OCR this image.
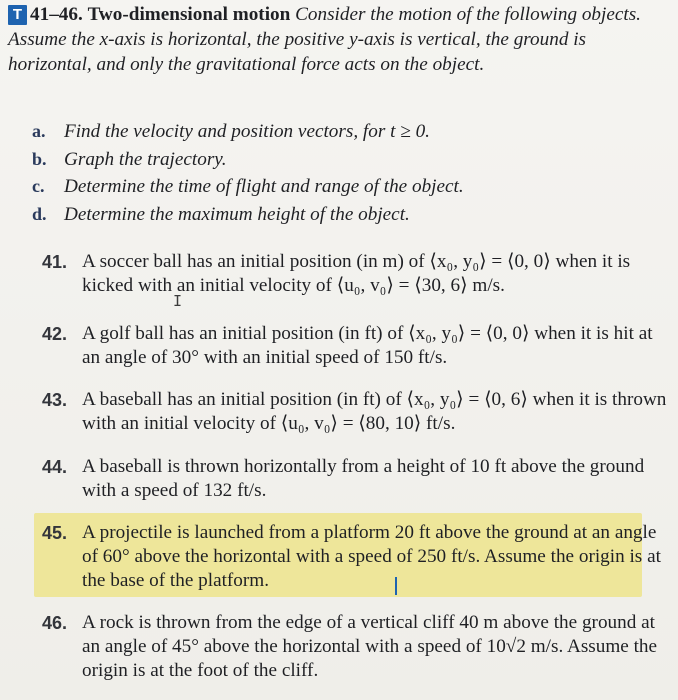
T 41–46. Two-dimensional motion Consider the motion of the following objects. Assume the x-axis is horizontal, the positive y-axis is vertical, the ground is horizontal, and only the gravitational force acts on the object.
a. Find the velocity and position vectors, for t ≥ 0.
b. Graph the trajectory.
c. Determine the time of flight and range of the object.
d. Determine the maximum height of the object.
41. A soccer ball has an initial position (in m) of ⟨x₀, y₀⟩ = ⟨0, 0⟩ when it is kicked with an initial velocity of ⟨u₀, v₀⟩ = ⟨30, 6⟩ m/s.
42. A golf ball has an initial position (in ft) of ⟨x₀, y₀⟩ = ⟨0, 0⟩ when it is hit at an angle of 30° with an initial speed of 150 ft/s.
43. A baseball has an initial position (in ft) of ⟨x₀, y₀⟩ = ⟨0, 6⟩ when it is thrown with an initial velocity of ⟨u₀, v₀⟩ = ⟨80, 10⟩ ft/s.
44. A baseball is thrown horizontally from a height of 10 ft above the ground with a speed of 132 ft/s.
45. A projectile is launched from a platform 20 ft above the ground at an angle of 60° above the horizontal with a speed of 250 ft/s. Assume the origin is at the base of the platform.
46. A rock is thrown from the edge of a vertical cliff 40 m above the ground at an angle of 45° above the horizontal with a speed of 10√2 m/s. Assume the origin is at the foot of the cliff.
I
